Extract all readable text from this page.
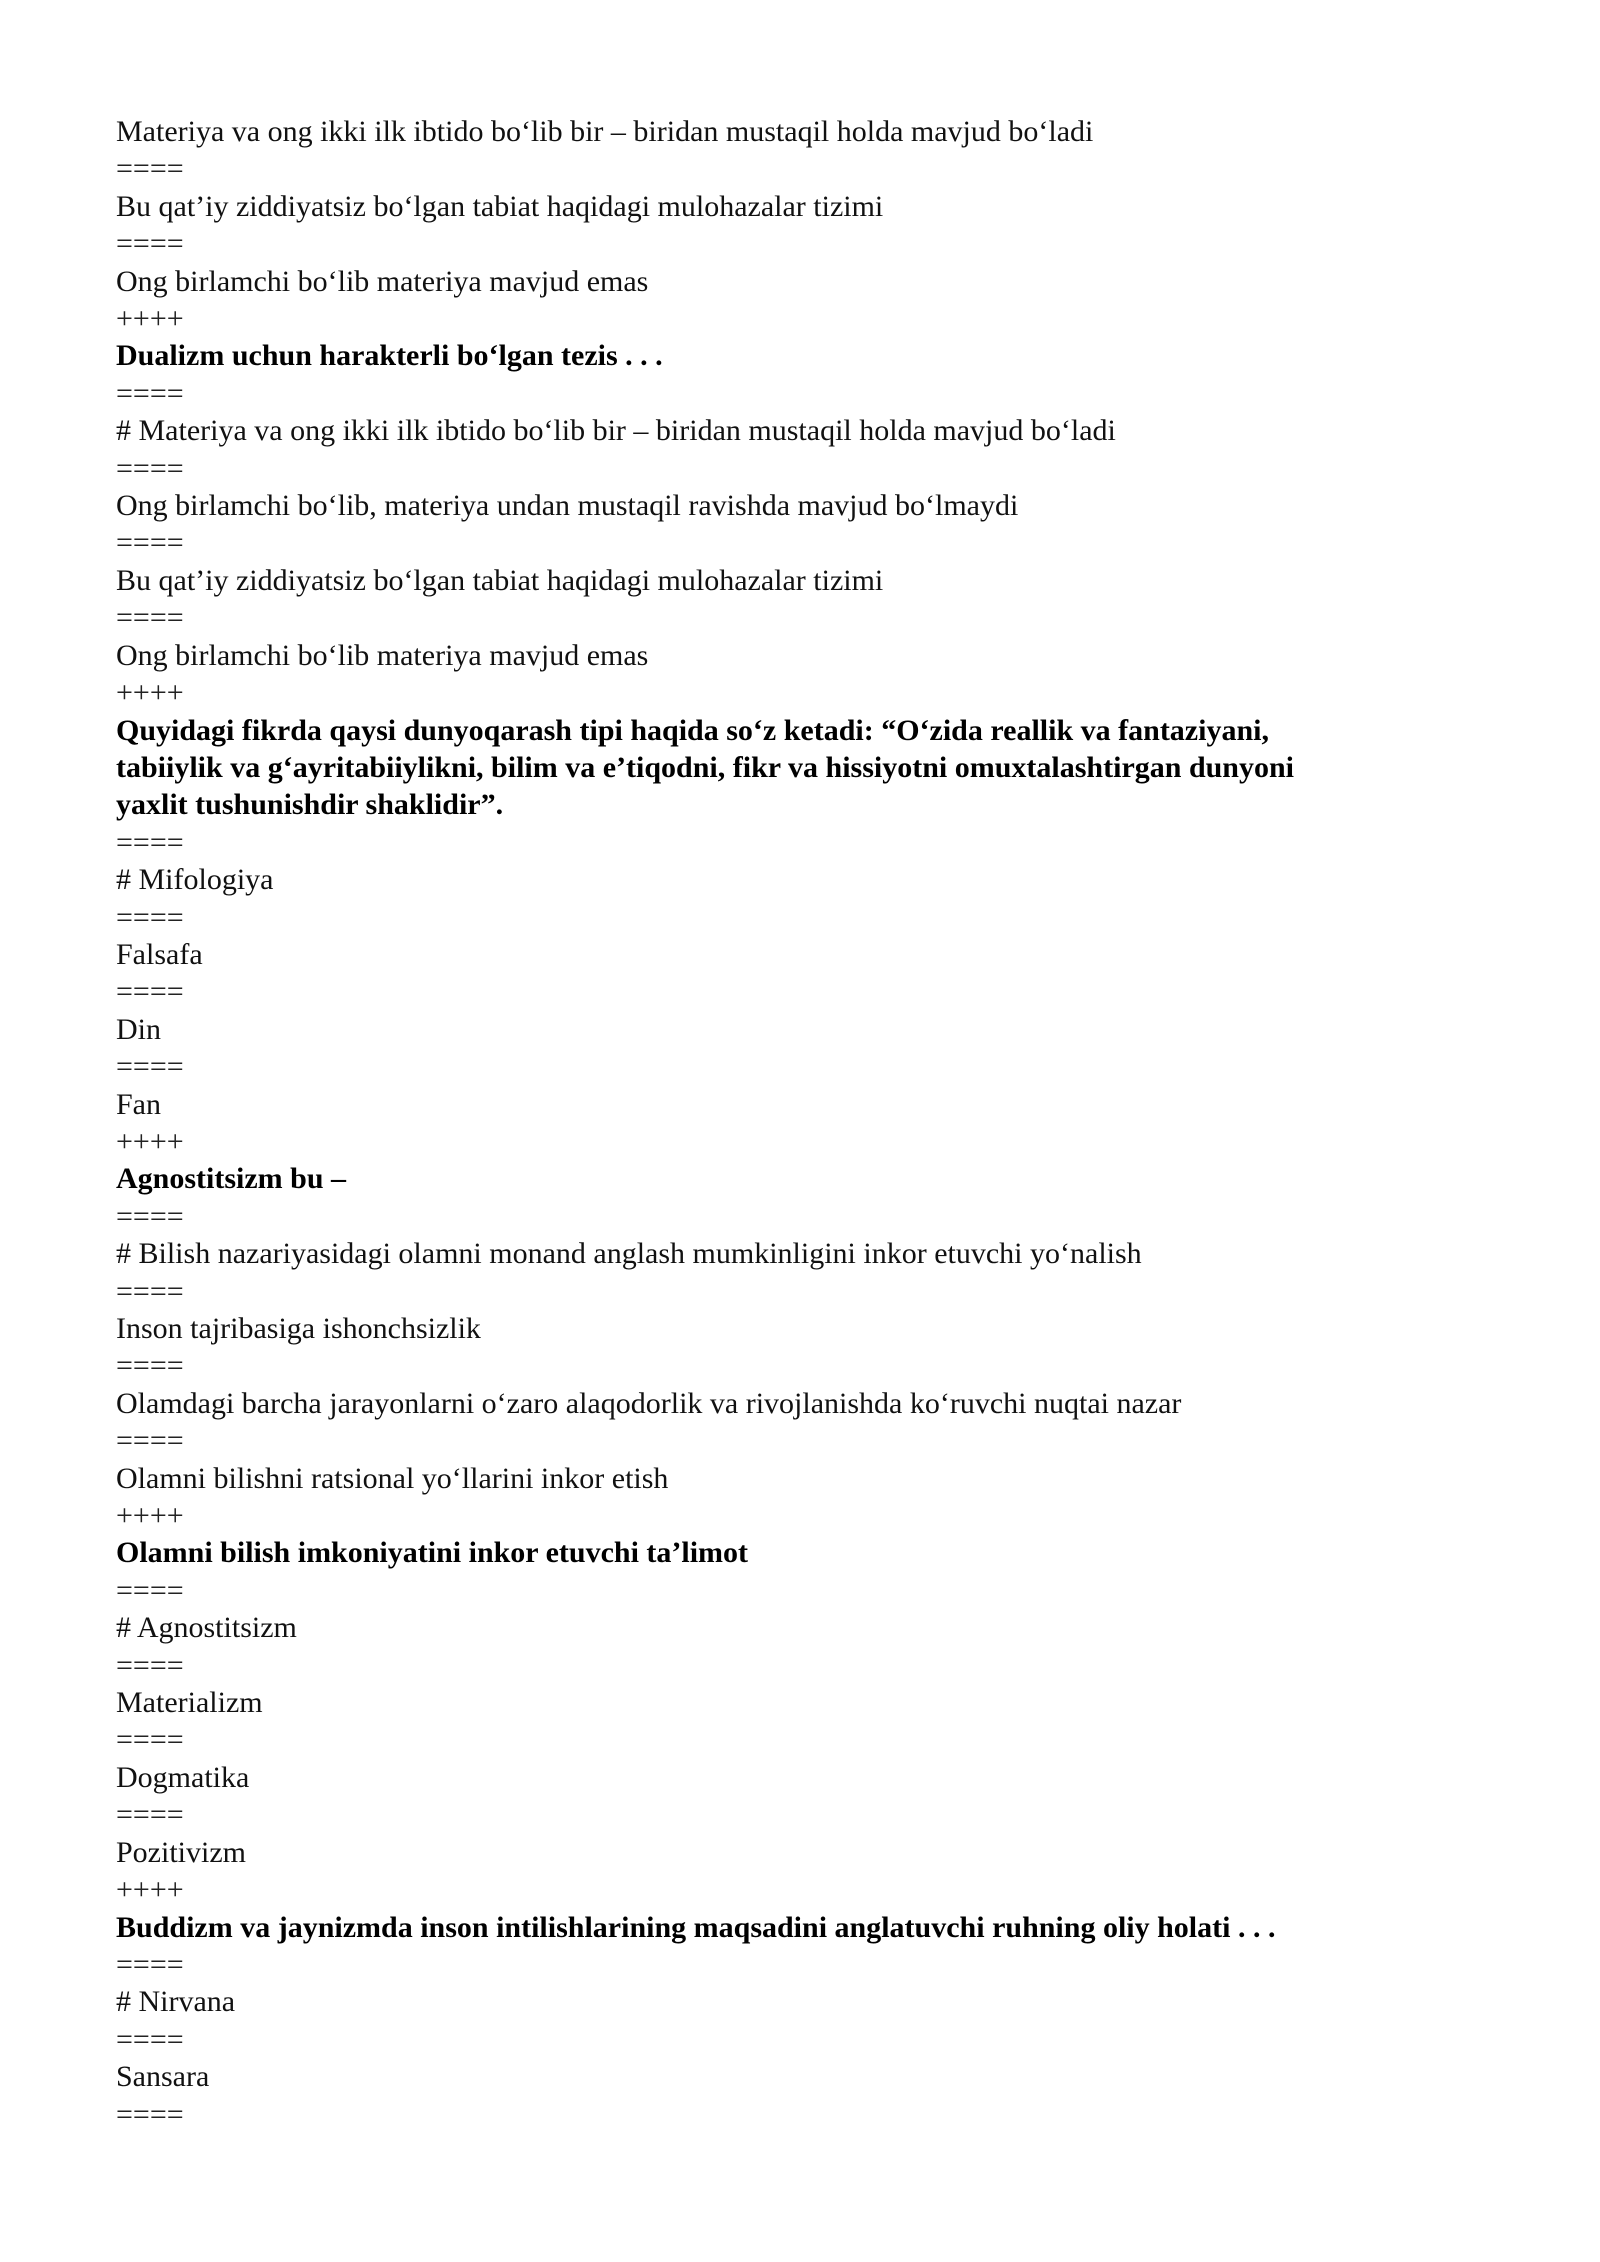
Materiya va ong ikki ilk ibtido bo‘lib bir – biridan mustaqil holda mavjud bo‘ladi
====
Bu qat’iy ziddiyatsiz bo‘lgan tabiat haqidagi mulohazalar tizimi
====
Ong birlamchi bo‘lib materiya mavjud emas
++++
Dualizm uchun harakterli bo‘lgan tezis . . .
====
# Materiya va ong ikki ilk ibtido bo‘lib bir – biridan mustaqil holda mavjud bo‘ladi
====
Ong birlamchi bo‘lib, materiya undan mustaqil ravishda mavjud bo‘lmaydi
====
Bu qat’iy ziddiyatsiz bo‘lgan tabiat haqidagi mulohazalar tizimi
====
Ong birlamchi bo‘lib materiya mavjud emas
++++
Quyidagi fikrda qaysi dunyoqarash tipi haqida so‘z ketadi: “O‘zida reallik va fantaziyani,
tabiiylik va g‘ayritabiiylikni, bilim va e’tiqodni, fikr va hissiyotni omuxtalashtirgan dunyoni
yaxlit tushunishdir shaklidir”.
====
# Mifologiya
====
Falsafa
====
Din
====
Fan
++++
Agnostitsizm bu –
====
# Bilish nazariyasidagi olamni monand anglash mumkinligini inkor etuvchi yo‘nalish
====
Inson tajribasiga ishonchsizlik
====
Olamdagi barcha jarayonlarni o‘zaro alaqodorlik va rivojlanishda ko‘ruvchi nuqtai nazar
====
Olamni bilishni ratsional yo‘llarini inkor etish
++++
Olamni bilish imkoniyatini inkor etuvchi ta’limot
====
# Agnostitsizm
====
Materializm
====
Dogmatika
====
Pozitivizm
++++
Buddizm va jaynizmda inson intilishlarining maqsadini anglatuvchi ruhning oliy holati . . .
====
# Nirvana
====
Sansara
====
